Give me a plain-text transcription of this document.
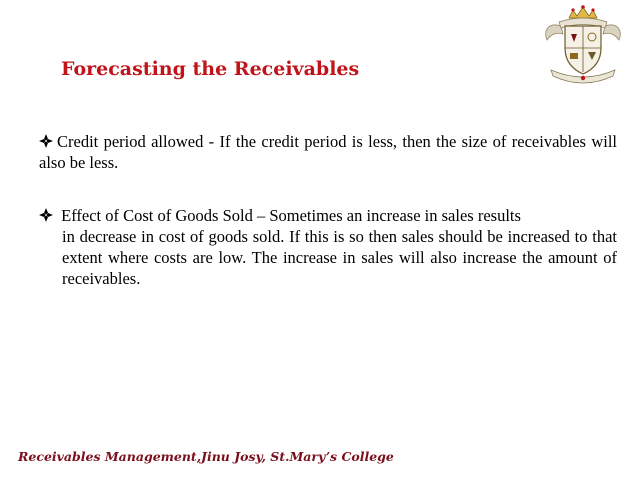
Forecasting the Receivables

Credit period allowed - If the credit period is less, then the size of receivables will also be less.

Effect of Cost of Goods Sold – Sometimes an increase in sales results
in decrease in cost of goods sold. If this is so then sales should be increased to that extent where costs are low. The increase in sales will also increase the amount of receivables.

Receivables Management,Jinu Josy, St.Mary’s College
